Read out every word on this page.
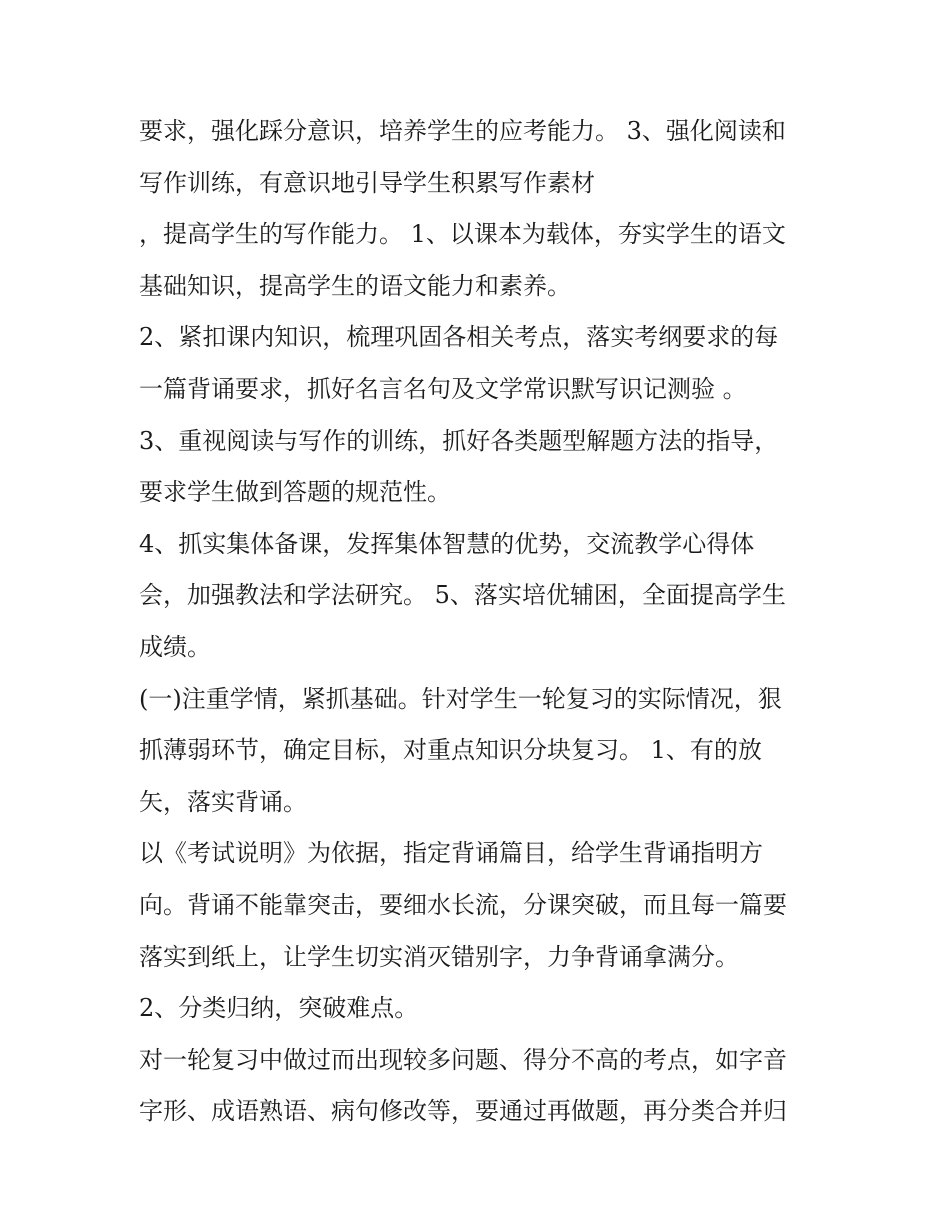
要求，强化踩分意识，培养学生的应考能力。 3、强化阅读和

写作训练，有意识地引导学生积累写作素材

，提高学生的写作能力。 1、以课本为载体，夯实学生的语文

基础知识，提高学生的语文能力和素养。

2、紧扣课内知识，梳理巩固各相关考点，落实考纲要求的每

一篇背诵要求，抓好名言名句及文学常识默写识记测验 。

3、重视阅读与写作的训练，抓好各类题型解题方法的指导，

要求学生做到答题的规范性。

4、抓实集体备课，发挥集体智慧的优势，交流教学心得体

会，加强教法和学法研究。 5、落实培优辅困，全面提高学生

成绩。

(一)注重学情，紧抓基础。针对学生一轮复习的实际情况，狠

抓薄弱环节，确定目标，对重点知识分块复习。 1、有的放

矢，落实背诵。

以《考试说明》为依据，指定背诵篇目，给学生背诵指明方

向。背诵不能靠突击，要细水长流，分课突破，而且每一篇要

落实到纸上，让学生切实消灭错别字，力争背诵拿满分。

2、分类归纳，突破难点。

对一轮复习中做过而出现较多问题、得分不高的考点，如字音

字形、成语熟语、病句修改等，要通过再做题，再分类合并归
